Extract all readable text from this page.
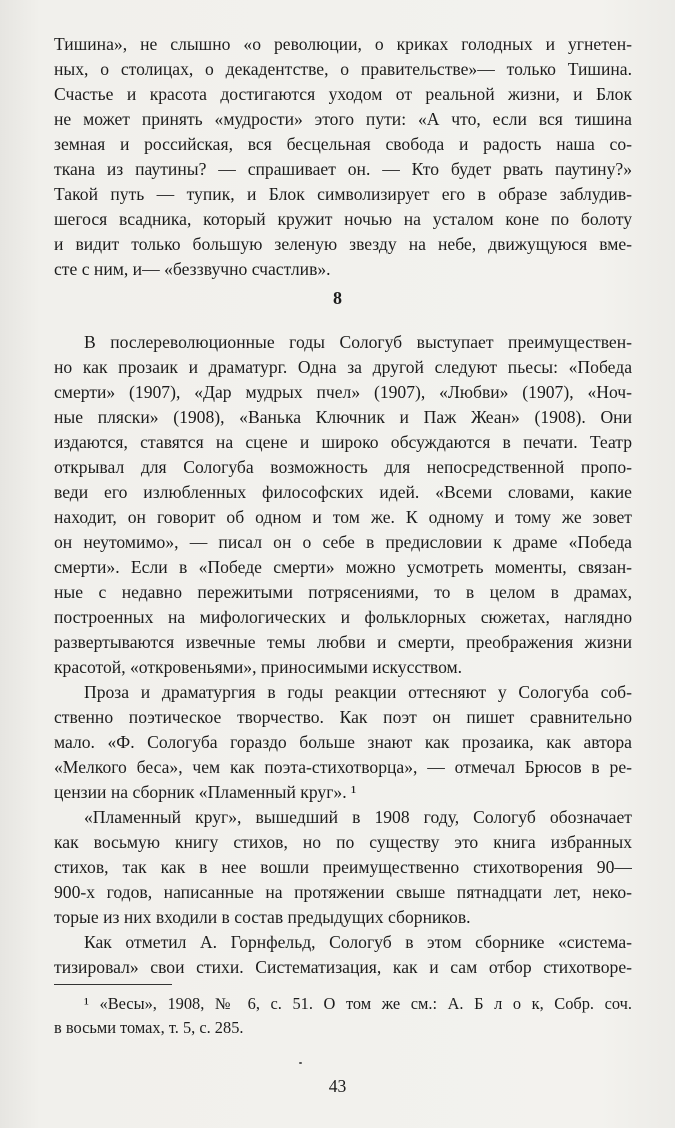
Тишина», не слышно «о революции, о криках голодных и угнетен-
ных, о столицах, о декадентстве, о правительстве»— только Тишина.
Счастье и красота достигаются уходом от реальной жизни, и Блок
не может принять «мудрости» этого пути: «А что, если вся тишина
земная и российская, вся бесцельная свобода и радость наша со-
ткана из паутины? — спрашивает он. — Кто будет рвать паутину?»
Такой путь — тупик, и Блок символизирует его в образе заблудив-
шегося всадника, который кружит ночью на усталом коне по болоту
и видит только большую зеленую звезду на небе, движущуюся вме-
сте с ним, и— «беззвучно счастлив».
8
В послереволюционные годы Сологуб выступает преимуществен-
но как прозаик и драматург. Одна за другой следуют пьесы: «Победа
смерти» (1907), «Дар мудрых пчел» (1907), «Любви» (1907), «Ноч-
ные пляски» (1908), «Ванька Ключник и Паж Жеан» (1908). Они
издаются, ставятся на сцене и широко обсуждаются в печати. Театр
открывал для Сологуба возможность для непосредственной пропо-
веди его излюбленных философских идей. «Всеми словами, какие
находит, он говорит об одном и том же. К одному и тому же зовет
он неутомимо», — писал он о себе в предисловии к драме «Победа
смерти». Если в «Победе смерти» можно усмотреть моменты, связан-
ные с недавно пережитыми потрясениями, то в целом в драмах,
построенных на мифологических и фольклорных сюжетах, наглядно
развертываются извечные темы любви и смерти, преображения жизни
красотой, «откровеньями», приносимыми искусством.
Проза и драматургия в годы реакции оттесняют у Сологуба соб-
ственно поэтическое творчество. Как поэт он пишет сравнительно
мало. «Ф. Сологуба гораздо больше знают как прозаика, как автора
«Мелкого беса», чем как поэта-стихотворца», — отмечал Брюсов в ре-
цензии на сборник «Пламенный круг». ¹
«Пламенный круг», вышедший в 1908 году, Сологуб обозначает
как восьмую книгу стихов, но по существу это книга избранных
стихов, так как в нее вошли преимущественно стихотворения 90—
900-х годов, написанные на протяжении свыше пятнадцати лет, неко-
торые из них входили в состав предыдущих сборников.
Как отметил А. Горнфельд, Сологуб в этом сборнике «система-
тизировал» свои стихи. Систематизация, как и сам отбор стихотворе-
¹ «Весы», 1908, № 6, с. 51. О том же см.: А. Б л о к, Собр. соч.
в восьми томах, т. 5, с. 285.
43
